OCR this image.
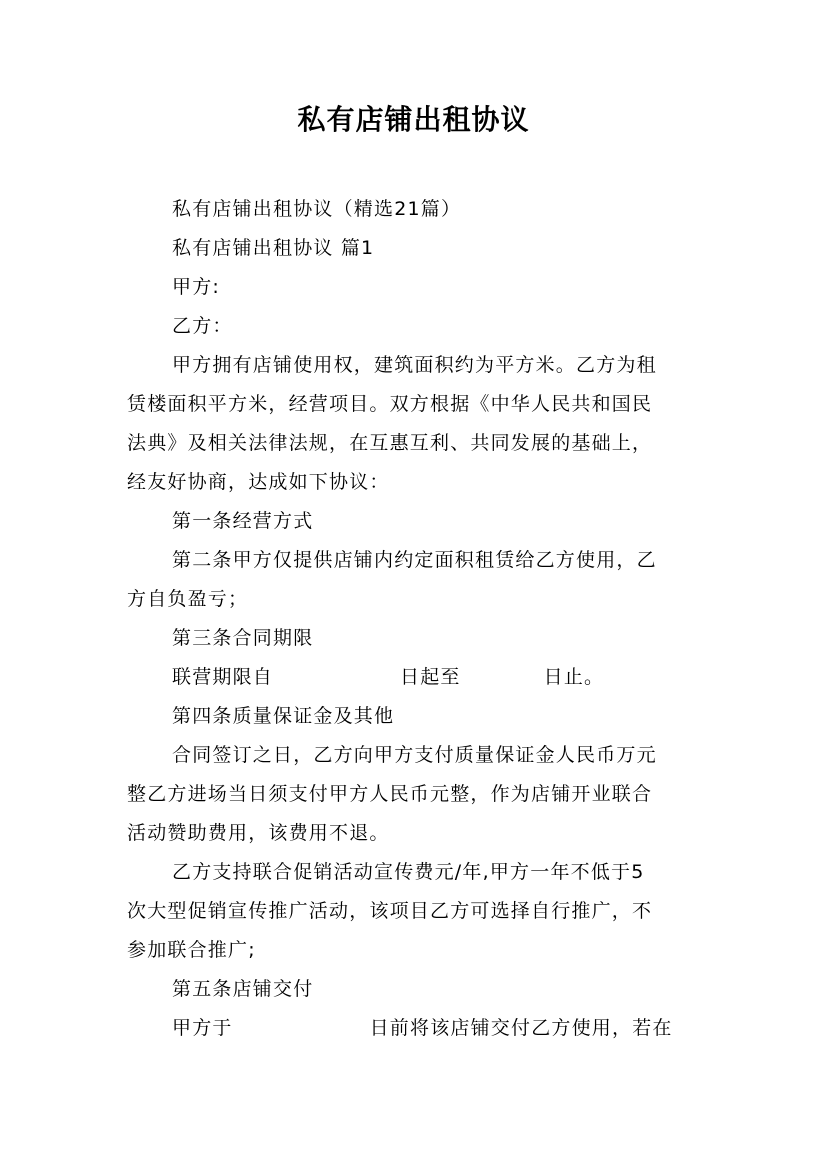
私有店铺出租协议

私有店铺出租协议（精选21篇）

私有店铺出租协议 篇1

甲方:

乙方：

甲方拥有店铺使用权，建筑面积约为平方米。乙方为租

赁楼面积平方米，经营项目。双方根据《中华人民共和国民

法典》及相关法律法规，在互惠互利、共同发展的基础上，

经友好协商，达成如下协议：

第一条经营方式

第二条甲方仅提供店铺内约定面积租赁给乙方使用，乙

方自负盈亏；

第三条合同期限

联营期限自	日起至	日止。

第四条质量保证金及其他

合同签订之日，乙方向甲方支付质量保证金人民币万元

整乙方进场当日须支付甲方人民币元整，作为店铺开业联合

活动赞助费用，该费用不退。

乙方支持联合促销活动宣传费元/年,甲方一年不低于5

次大型促销宣传推广活动，该项目乙方可选择自行推广，不

参加联合推广;

第五条店铺交付

甲方于	日前将该店铺交付乙方使用，若在
